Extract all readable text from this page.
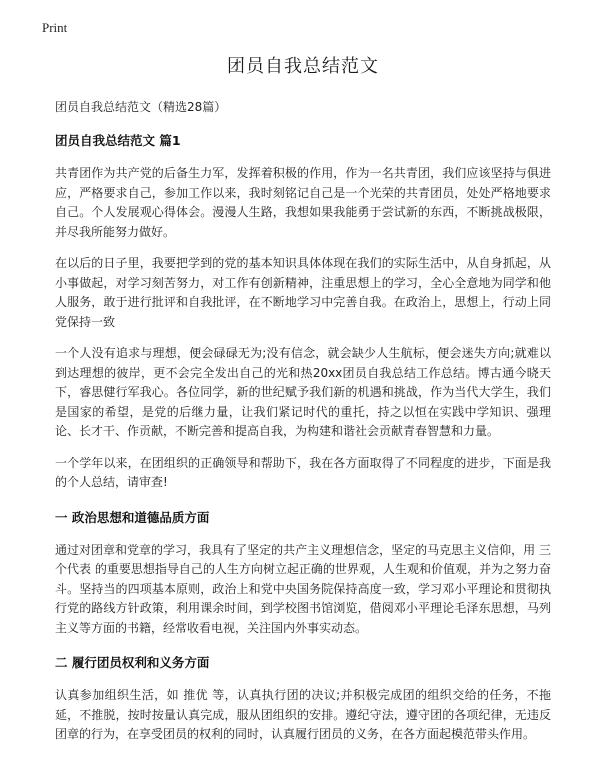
Print
团员自我总结范文
团员自我总结范文（精选28篇）
团员自我总结范文 篇1
共青团作为共产党的后备生力军，发挥着积极的作用，作为一名共青团，我们应该坚持与俱进应，严格要求自己，参加工作以来，我时刻铭记自己是一个光荣的共青团员，处处严格地要求自己。个人发展观心得体会。漫漫人生路，我想如果我能勇于尝试新的东西，不断挑战极限，并尽我所能努力做好。
在以后的日子里，我要把学到的党的基本知识具体体现在我们的实际生活中，从自身抓起，从小事做起，对学习刻苦努力，对工作有创新精神，注重思想上的学习，全心全意地为同学和他人服务，敢于进行批评和自我批评，在不断地学习中完善自我。在政治上，思想上，行动上同党保持一致
一个人没有追求与理想，便会碌碌无为;没有信念，就会缺少人生航标，便会迷失方向;就难以到达理想的彼岸，更不会完全发出自己的光和热20xx团员自我总结工作总结。博古通今晓天下，睿思健行军我心。各位同学，新的世纪赋予我们新的机遇和挑战，作为当代大学生，我们是国家的希望，是党的后继力量，让我们紧记时代的重托，持之以恒在实践中学知识、强理论、长才干、作贡献，不断完善和提高自我，为构建和谐社会贡献青春智慧和力量。
一个学年以来，在团组织的正确领导和帮助下，我在各方面取得了不同程度的进步，下面是我的个人总结，请审查!
一 政治思想和道德品质方面
通过对团章和党章的学习，我具有了坚定的共产主义理想信念，坚定的马克思主义信仰，用 三个代表 的重要思想指导自己的人生方向树立起正确的世界观，人生观和价值观，并为之努力奋斗。坚持当的四项基本原则，政治上和党中央国务院保持高度一致，学习邓小平理论和贯彻执行党的路线方针政策，利用课余时间，到学校图书馆浏览，借阅邓小平理论毛泽东思想，马列主义等方面的书籍，经常收看电视，关注国内外事实动态。
二 履行团员权利和义务方面
认真参加组织生活，如 推优 等，认真执行团的决议;并积极完成团的组织交给的任务，不拖延，不推脱，按时按量认真完成，服从团组织的安排。遵纪守法，遵守团的各项纪律，无违反团章的行为，在享受团员的权利的同时，认真履行团员的义务，在各方面起模范带头作用。
